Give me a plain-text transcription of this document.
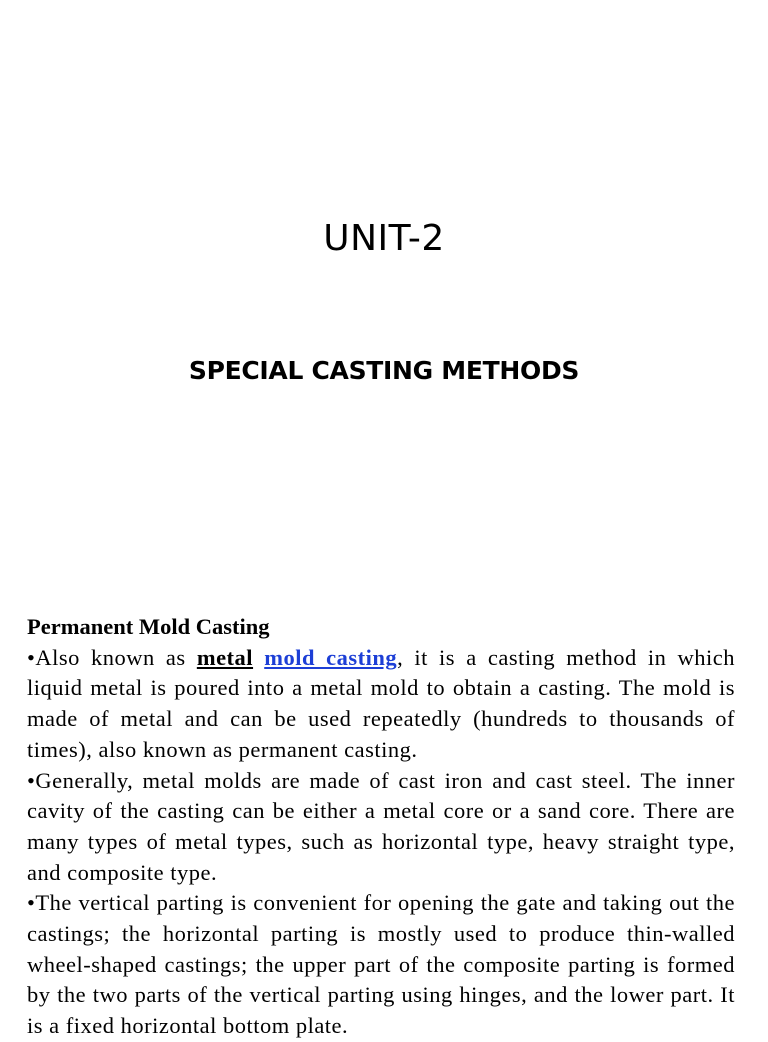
UNIT-2
SPECIAL CASTING METHODS

Permanent Mold Casting

•Also known as metal mold casting, it is a casting method in which liquid metal is poured into a metal mold to obtain a casting. The mold is made of metal and can be used repeatedly (hundreds to thousands of times), also known as permanent casting.

•Generally, metal molds are made of cast iron and cast steel. The inner cavity of the casting can be either a metal core or a sand core. There are many types of metal types, such as horizontal type, heavy straight type, and composite type.

•The vertical parting is convenient for opening the gate and taking out the castings; the horizontal parting is mostly used to produce thin-walled wheel-shaped castings; the upper part of the composite parting is formed by the two parts of the vertical parting using hinges, and the lower part. It is a fixed horizontal bottom plate.
